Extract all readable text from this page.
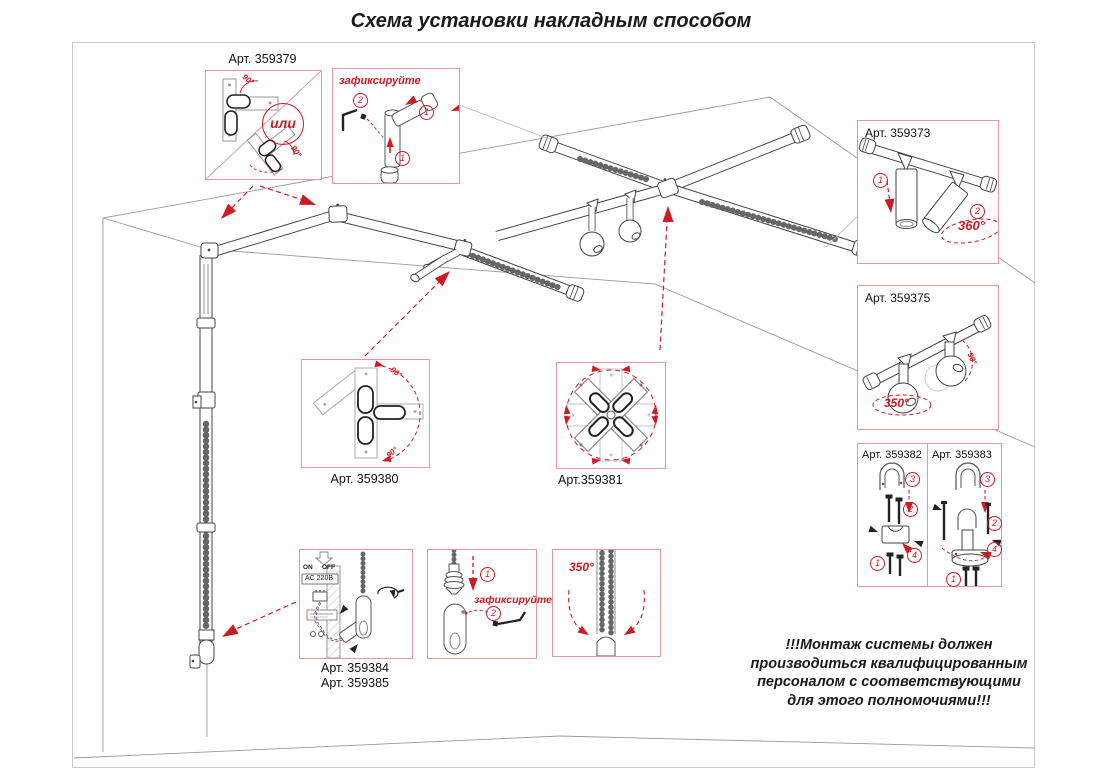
Схема установки накладным способом
Арт. 359379
90°
90°
или
зафиксируйте
2
1
1
Арт. 359373
1
2
360°
Арт. 359375
90°
350°
Арт. 359382
3
2
4
1
Арт. 359383
3
2
4
1
90°
90°
Арт. 359380	Арт.359381
ON OFF
AC 220В
Арт. 359384
Арт. 359385
1
зафиксируйте
2
350°
!!!Монтаж системы должен
производиться квалифицированным
персоналом с соответствующими
для этого полномочиями!!!
